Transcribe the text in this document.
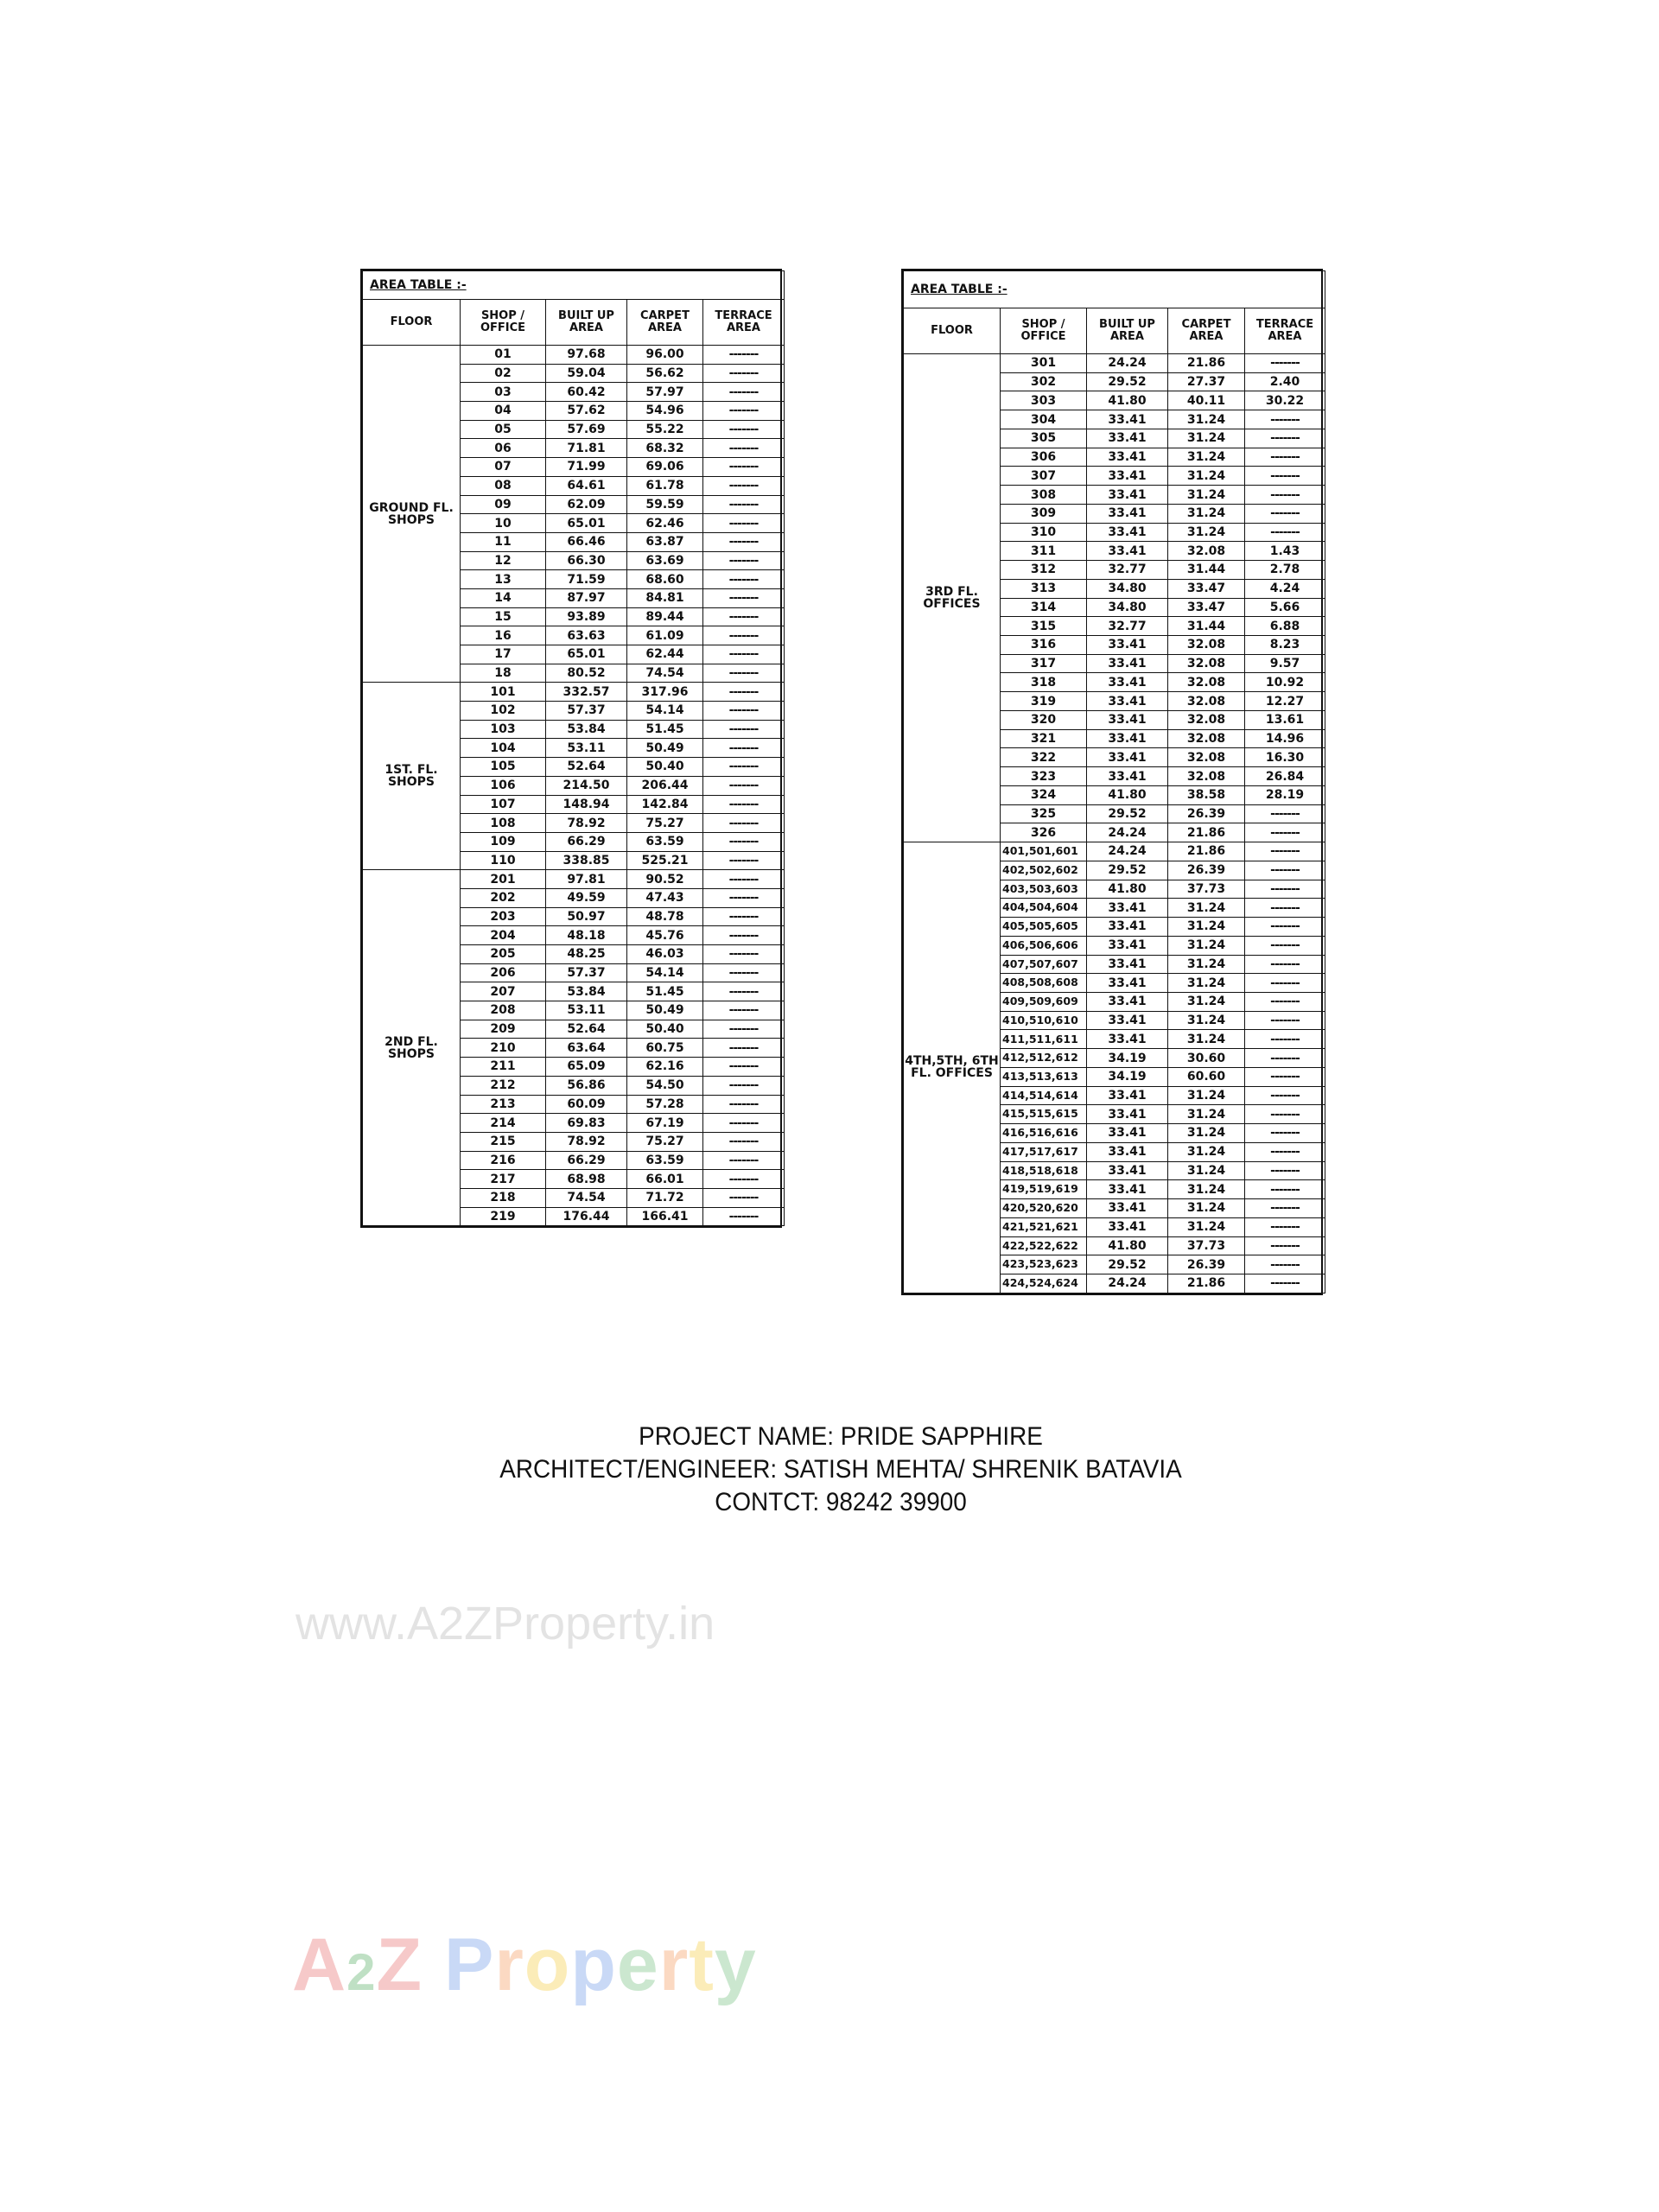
AREA TABLE :-				
FLOOR	SHOP / OFFICE	BUILT UP AREA	CARPET AREA	TERRACE AREA
GROUND FL. SHOPS	01	97.68	96.00	-------
	02	59.04	56.62	-------
	03	60.42	57.97	-------
	04	57.62	54.96	-------
	05	57.69	55.22	-------
	06	71.81	68.32	-------
	07	71.99	69.06	-------
	08	64.61	61.78	-------
	09	62.09	59.59	-------
	10	65.01	62.46	-------
	11	66.46	63.87	-------
	12	66.30	63.69	-------
	13	71.59	68.60	-------
	14	87.97	84.81	-------
	15	93.89	89.44	-------
	16	63.63	61.09	-------
	17	65.01	62.44	-------
	18	80.52	74.54	-------
1ST. FL. SHOPS	101	332.57	317.96	-------
	102	57.37	54.14	-------
	103	53.84	51.45	-------
	104	53.11	50.49	-------
	105	52.64	50.40	-------
	106	214.50	206.44	-------
	107	148.94	142.84	-------
	108	78.92	75.27	-------
	109	66.29	63.59	-------
	110	338.85	525.21	-------
2ND FL. SHOPS	201	97.81	90.52	-------
	202	49.59	47.43	-------
	203	50.97	48.78	-------
	204	48.18	45.76	-------
	205	48.25	46.03	-------
	206	57.37	54.14	-------
	207	53.84	51.45	-------
	208	53.11	50.49	-------
	209	52.64	50.40	-------
	210	63.64	60.75	-------
	211	65.09	62.16	-------
	212	56.86	54.50	-------
	213	60.09	57.28	-------
	214	69.83	67.19	-------
	215	78.92	75.27	-------
	216	66.29	63.59	-------
	217	68.98	66.01	-------
	218	74.54	71.72	-------
	219	176.44	166.41	-------
AREA TABLE :-				
FLOOR	SHOP / OFFICE	BUILT UP AREA	CARPET AREA	TERRACE AREA
3RD FL. OFFICES	301	24.24	21.86	-------
	302	29.52	27.37	2.40
	303	41.80	40.11	30.22
	304	33.41	31.24	-------
	305	33.41	31.24	-------
	306	33.41	31.24	-------
	307	33.41	31.24	-------
	308	33.41	31.24	-------
	309	33.41	31.24	-------
	310	33.41	31.24	-------
	311	33.41	32.08	1.43
	312	32.77	31.44	2.78
	313	34.80	33.47	4.24
	314	34.80	33.47	5.66
	315	32.77	31.44	6.88
	316	33.41	32.08	8.23
	317	33.41	32.08	9.57
	318	33.41	32.08	10.92
	319	33.41	32.08	12.27
	320	33.41	32.08	13.61
	321	33.41	32.08	14.96
	322	33.41	32.08	16.30
	323	33.41	32.08	26.84
	324	41.80	38.58	28.19
	325	29.52	26.39	-------
	326	24.24	21.86	-------
4TH,5TH, 6TH FL. OFFICES	401,501,601	24.24	21.86	-------
	402,502,602	29.52	26.39	-------
	403,503,603	41.80	37.73	-------
	404,504,604	33.41	31.24	-------
	405,505,605	33.41	31.24	-------
	406,506,606	33.41	31.24	-------
	407,507,607	33.41	31.24	-------
	408,508,608	33.41	31.24	-------
	409,509,609	33.41	31.24	-------
	410,510,610	33.41	31.24	-------
	411,511,611	33.41	31.24	-------
	412,512,612	34.19	30.60	-------
	413,513,613	34.19	60.60	-------
	414,514,614	33.41	31.24	-------
	415,515,615	33.41	31.24	-------
	416,516,616	33.41	31.24	-------
	417,517,617	33.41	31.24	-------
	418,518,618	33.41	31.24	-------
	419,519,619	33.41	31.24	-------
	420,520,620	33.41	31.24	-------
	421,521,621	33.41	31.24	-------
	422,522,622	41.80	37.73	-------
	423,523,623	29.52	26.39	-------
	424,524,624	24.24	21.86	-------
PROJECT NAME: PRIDE SAPPHIRE
ARCHITECT/ENGINEER: SATISH MEHTA/ SHRENIK BATAVIA
CONTCT: 98242 39900
www.A2ZProperty.in
A2Z Property
